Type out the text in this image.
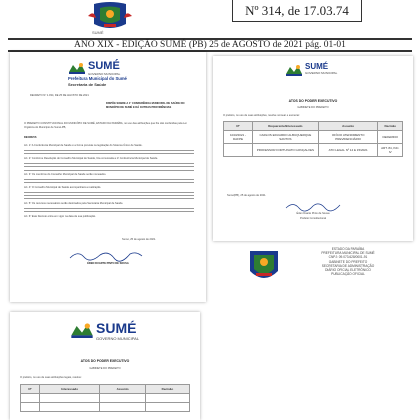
SUMÉ
Nº 314, de 17.03.74
ANO XIX - EDIÇÃO SUMÉ (PB) 25 de AGOSTO de 2021 pág. 01-01
SUMÉ
GOVERNO MUNICIPAL
Prefeitura Municipal do Sumé
Secretaria de Saúde
DECRETO Nº 1.034, DE 25 DE AGOSTO DE 2021
DISPÕE SOBRE A 1ª CONFERÊNCIA MUNICIPAL DE SAÚDE DO MUNICÍPIO DE SUMÉ E DÁ OUTRAS PROVIDÊNCIAS
O PREFEITO CONSTITUCIONAL DO MUNICÍPIO DE SUMÉ, ESTADO DA PARAÍBA, no uso das atribuições que lhe são conferidas pela Lei Orgânica do Município de Sumé-PB,
DECRETA:
Art. 1º A Conferência Municipal de Saúde é a forma prevista na legislação do Sistema Único de Saúde.
Art. 2º Conforme Resolução do Conselho Municipal de Saúde, fica convocada a 1ª Conferência Municipal de Saúde.
Art. 3º Os membros do Conselho Municipal de Saúde serão nomeados.
Art. 4º O Conselho Municipal de Saúde acompanhará a realização.
Art. 5º Os recursos necessários serão destinados pela Secretaria Municipal de Saúde.
Art. 6º Este Decreto entra em vigor na data de sua publicação.
Sumé, 25 de agosto de 2021.
ÉDEN DUARTE PINTO DE SOUSA
SUMÉ
GOVERNO MUNICIPAL
ATOS DO PODER EXECUTIVO
GABINETE DO PREFEITO
O prefeito, no uso de suas atribuições, resolve nomear e exonerar:
Nº	Requerente/Interessado	Assunto	Decisão
1043/2021 - DAFPE	CARLOS EDUARDO ALBUQUERQUE SANTOS	OFÍCIO ATENDIMENTO PREVIDENCIÁRIO	DEFERIDO
	PROFESSOR FORTUNATO GONÇALVES	ATO LEGAL Nº 14 E 15/2021	ART. 84, INC. IV
Sumé(PB), 25 de agosto de 2021.
Éden Duarte Pinto de Sousa
Prefeito Constitucional
ESTADO DA PARAÍBA
PREFEITURA MUNICIPAL DE SUMÉ
CNPJ: 09.073.628/0001-91
GABINETE DO PREFEITO
SECRETARIA DE ADMINISTRAÇÃO
DIÁRIO OFICIAL ELETRÔNICO
PUBLICAÇÃO OFICIAL
SUMÉ
GOVERNO MUNICIPAL
ATOS DO PODER EXECUTIVO
GABINETE DO PREFEITO
O prefeito, no uso de suas atribuições legais, resolve:
Nº	Interessado	Assunto	Decisão
